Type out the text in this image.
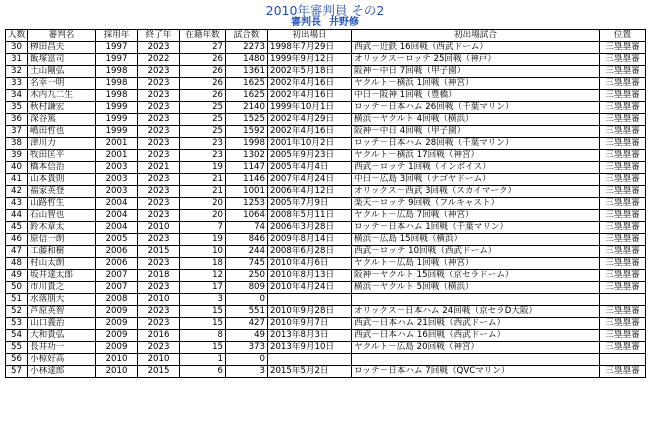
2010年審判員 その2
審判長 井野修
人数	審判名	採用年	終了年	在籍年数	試合数	初出場日	初出場試合	位置
30	栁田昌夫	1997	2023	27	2273	1998年7月29日	西武－近鉄 16回戦（西武ドーム）	三塁塁審
31	飯塚富司	1997	2022	26	1480	1999年9月12日	オリックス－ロッテ 25回戦（神戸）	三塁塁審
32	土山剛弘	1998	2023	26	1361	2002年5月18日	阪神－中日 7回戦（甲子園）	三塁塁審
33	名幸一明	1998	2023	26	1625	2002年4月16日	ヤクルト－横浜 1回戦（神宮）	三塁塁審
34	木内九二生	1998	2023	26	1625	2002年4月16日	中日－阪神 1回戦（豊橋）	三塁塁審
35	秋村謙宏	1999	2023	25	2140	1999年10月1日	ロッテ－日本ハム 26回戦（千葉マリン）	三塁塁審
36	深谷篤	1999	2023	25	1525	2002年4月29日	横浜－ヤクルト 4回戦（横浜）	三塁塁審
37	嶋田哲也	1999	2023	25	1592	2002年4月16日	阪神－中日 4回戦（甲子園）	三塁塁審
38	津川力	2001	2023	23	1998	2001年10月2日	ロッテ－日本ハム 28回戦（千葉マリン）	三塁塁審
39	牧田匡平	2001	2023	23	1302	2005年9月23日	ヤクルト－横浜 17回戦（神宮）	三塁塁審
40	橋本信治	2003	2021	19	1147	2005年4月4日	西武－ロッテ 1回戦（インボイス）	三塁塁審
41	山本貴則	2003	2023	21	1146	2007年4月24日	中日－広島 3回戦（ナゴヤドーム）	三塁塁審
42	福家英登	2003	2023	21	1001	2006年4月12日	オリックス－西武 3回戦（スカイマーク）	三塁塁審
43	山路哲生	2004	2023	20	1253	2005年7月9日	楽天－ロッテ 9回戦（フルキャスト）	三塁塁審
44	石山智也	2004	2023	20	1064	2008年5月11日	ヤクルト－広島 7回戦（神宮）	三塁塁審
45	鈴木章太	2004	2010	7	74	2006年3月28日	ロッテ－日本ハム 1回戦（千葉マリン）	三塁塁審
46	原信一朗	2005	2023	19	846	2009年8月14日	横浜－広島 15回戦（横浜）	三塁塁審
47	工藤和樹	2006	2015	10	244	2008年6月28日	西武－ロッテ 10回戦（西武ドーム）	三塁塁審
48	村山太朗	2006	2023	18	745	2010年4月6日	ヤクルト－広島 1回戦（神宮）	三塁塁審
49	坂井達太郎	2007	2018	12	250	2010年8月13日	阪神－ヤクルト 15回戦（京セラドーム）	三塁塁審
50	市川貴之	2007	2023	17	809	2010年4月24日	横浜－ヤクルト 5回戦（横浜）	三塁塁審
51	水落朋大	2008	2010	3	0			
52	芦原英智	2009	2023	15	551	2010年9月28日	オリックス－日本ハム 24回戦（京セラD大阪）	三塁塁審
53	山口義治	2009	2023	15	427	2010年9月7日	西武－日本ハム 21回戦（西武ドーム）	三塁塁審
54	大和貴弘	2009	2016	8	49	2013年8月3日	西武－日本ハム 16回戦（西武ドーム）	三塁塁審
55	長井功一	2009	2023	15	373	2013年9月10日	ヤクルト－広島 20回戦（神宮）	三塁塁審
56	小椋好高	2010	2010	1	0			
57	小林達郎	2010	2015	6	3	2015年5月2日	ロッテ－日本ハム 7回戦（QVCマリン）	三塁塁審
